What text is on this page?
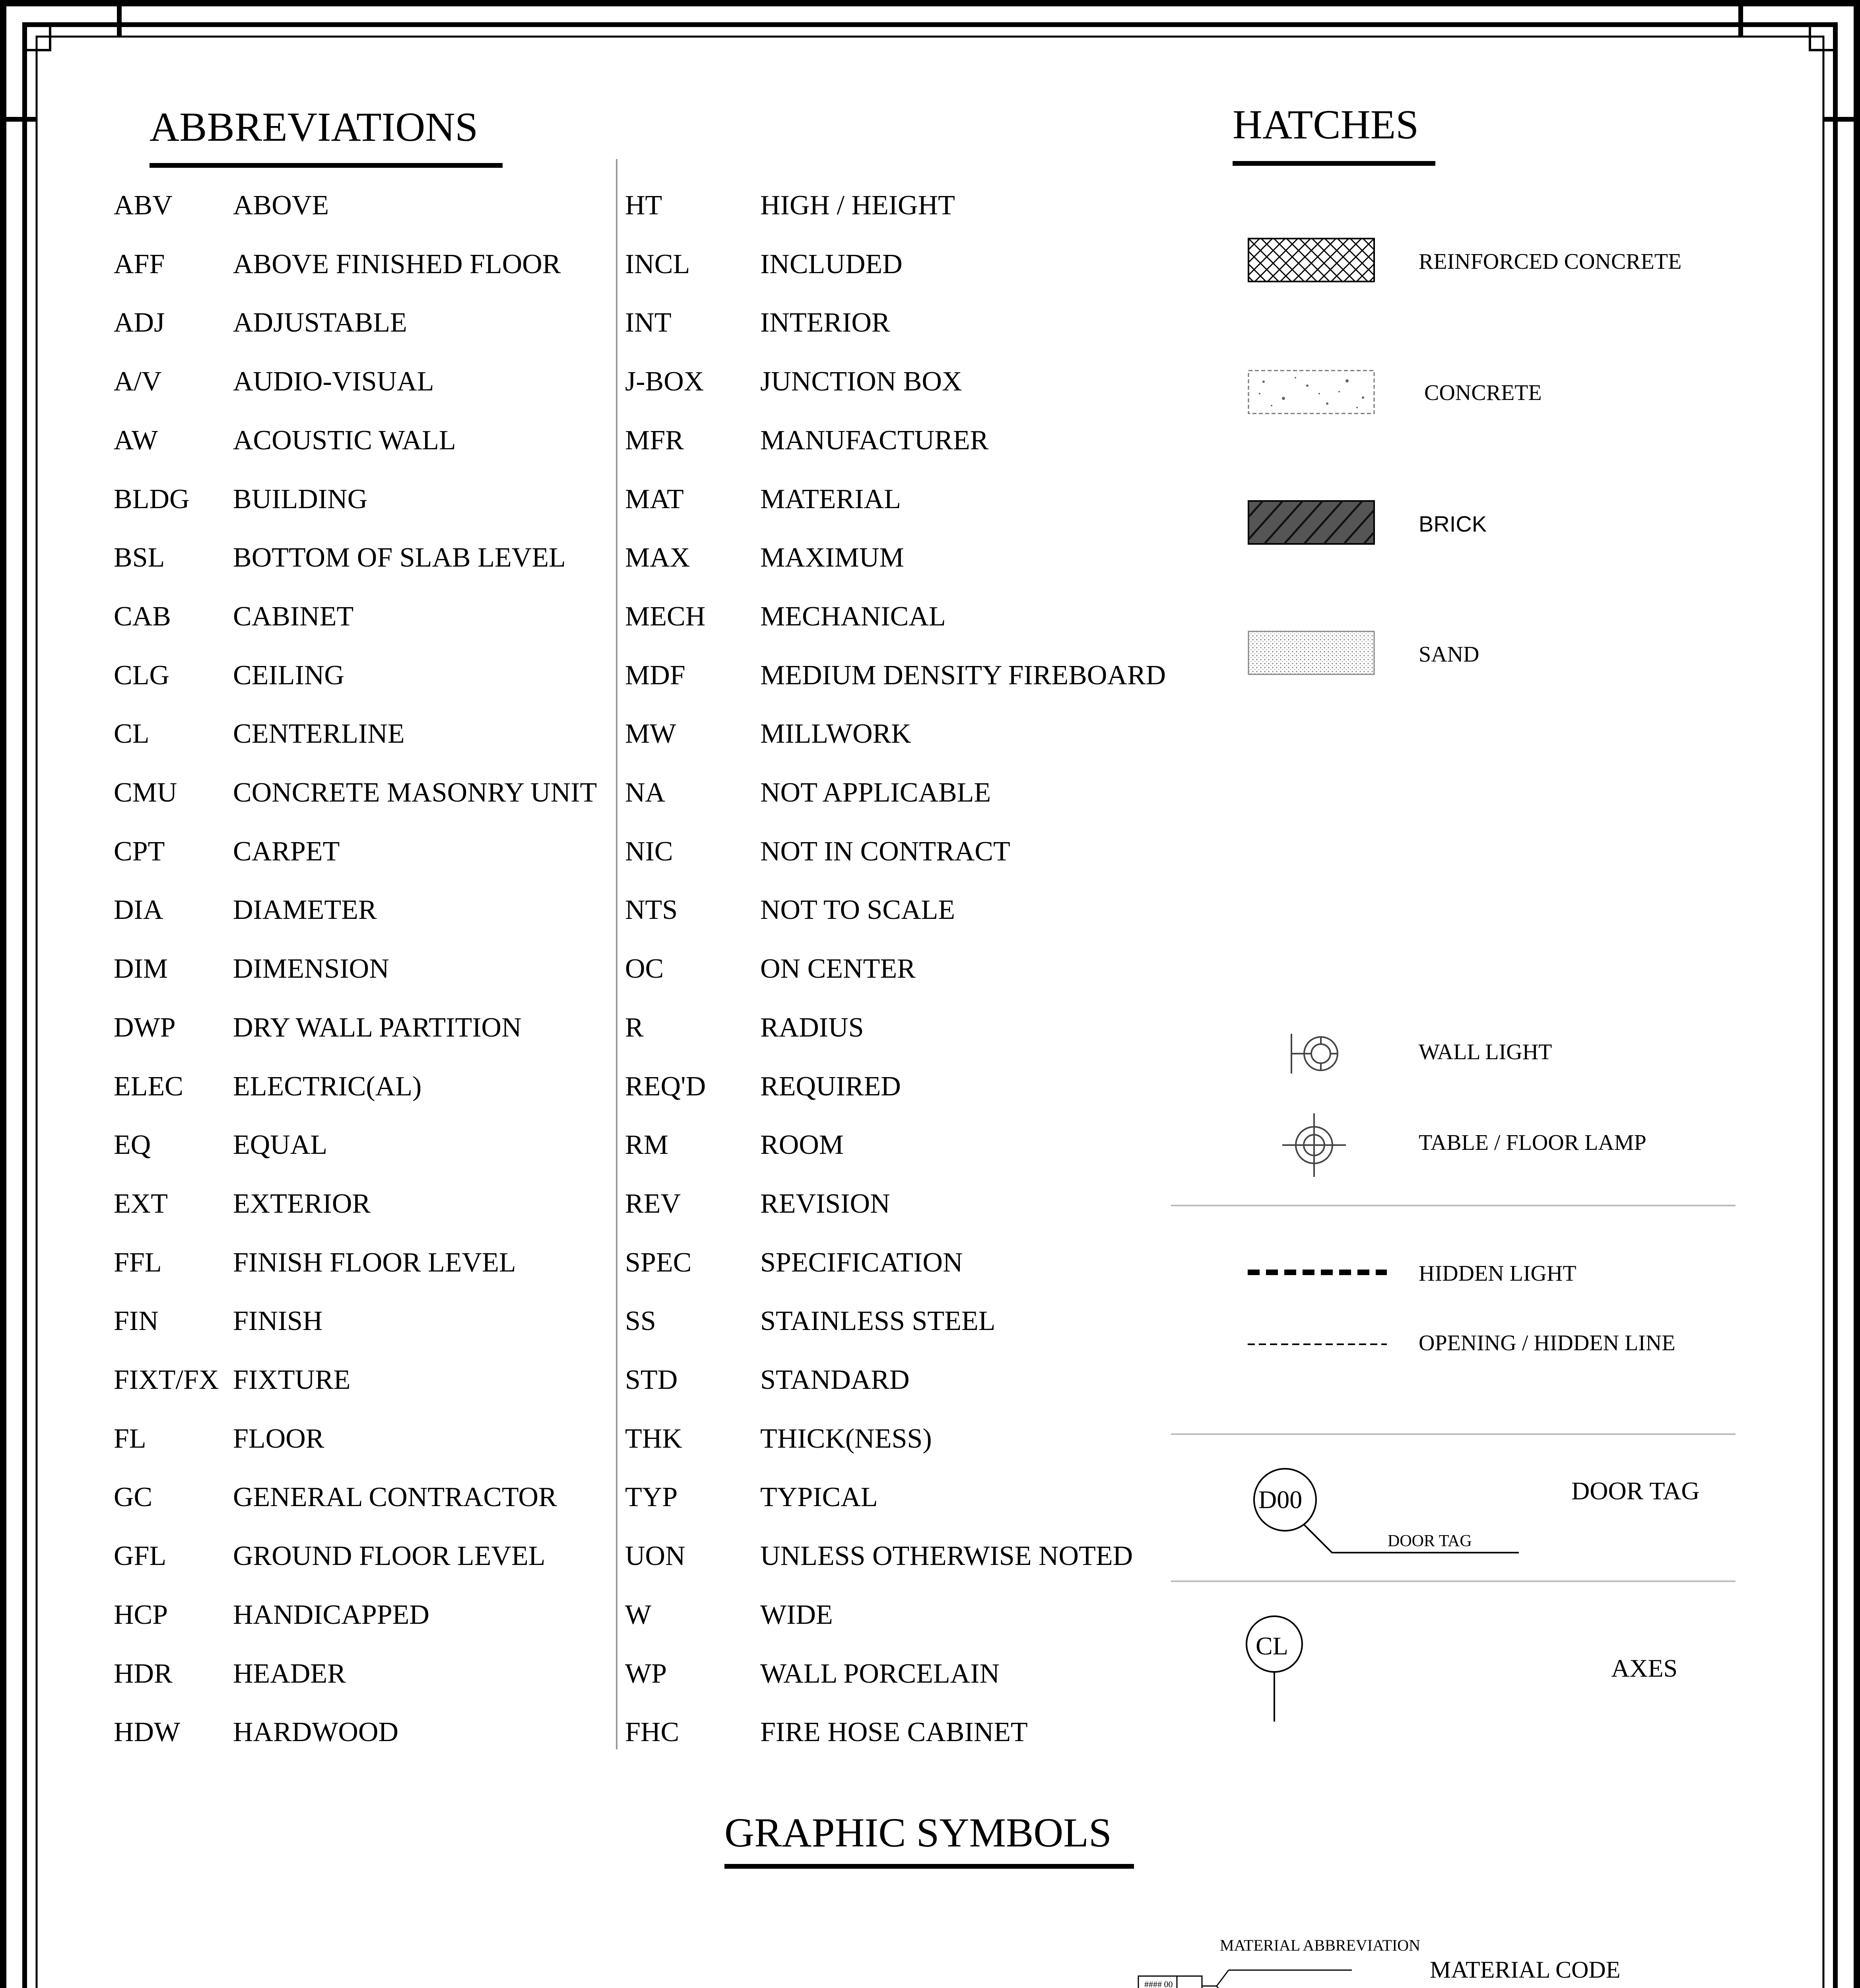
ABBREVIATIONS
ABV ABOVE
AFF ABOVE FINISHED FLOOR
ADJ ADJUSTABLE
A/V	AUDIO-VISUAL
AW	ACOUSTIC WALL
BLDG BUILDING
BSL BOTTOM OF SLAB LEVEL
CAB CABINET
CLG CEILING
CL	CENTERLINE
CMU CONCRETE MASONRY UNIT
CPT CARPET
DIA	DIAMETER
DIM DIMENSION
DWP DRY WALL PARTITION
ELEC ELECTRIC(AL)
EQ	EQUAL
EXT EXTERIOR
FFL	FINISH FLOOR LEVEL
FIN	FINISH
FIXT/FX FIXTURE
FL	FLOOR
GC	GENERAL CONTRACTOR
GFL GROUND FLOOR LEVEL
HCP HANDICAPPED
HDR HEADER
HDW HARDWOOD
HT	HIGH / HEIGHT
INCL	INCLUDED
INT	INTERIOR
J-BOX JUNCTION BOX
MFR	MANUFACTURER
MAT	MATERIAL
MAX	MAXIMUM
MECH MECHANICAL
MDF	MEDIUM DENSITY FIREBOARD
MW	MILLWORK
NA	NOT APPLICABLE
NIC	NOT IN CONTRACT
NTS	NOT TO SCALE
OC	ON CENTER
R	RADIUS
REQ'D REQUIRED
RM	ROOM
REV	REVISION
SPEC SPECIFICATION
SS	STAINLESS STEEL
STD	STANDARD
THK	THICK(NESS)
TYP	TYPICAL
UON	UNLESS OTHERWISE NOTED
W	WIDE
WP	WALL PORCELAIN
FHC	FIRE HOSE CABINET
HATCHES
REINFORCED CONCRETE
CONCRETE
BRICK
SAND
WALL LIGHT
TABLE / FLOOR LAMP
HIDDEN LIGHT
OPENING / HIDDEN LINE
D00
DOOR TAG
DOOR TAG
CL
AXES
GRAPHIC SYMBOLS
#### 00
MATERIAL ABBREVIATION
MATERIAL CODE
